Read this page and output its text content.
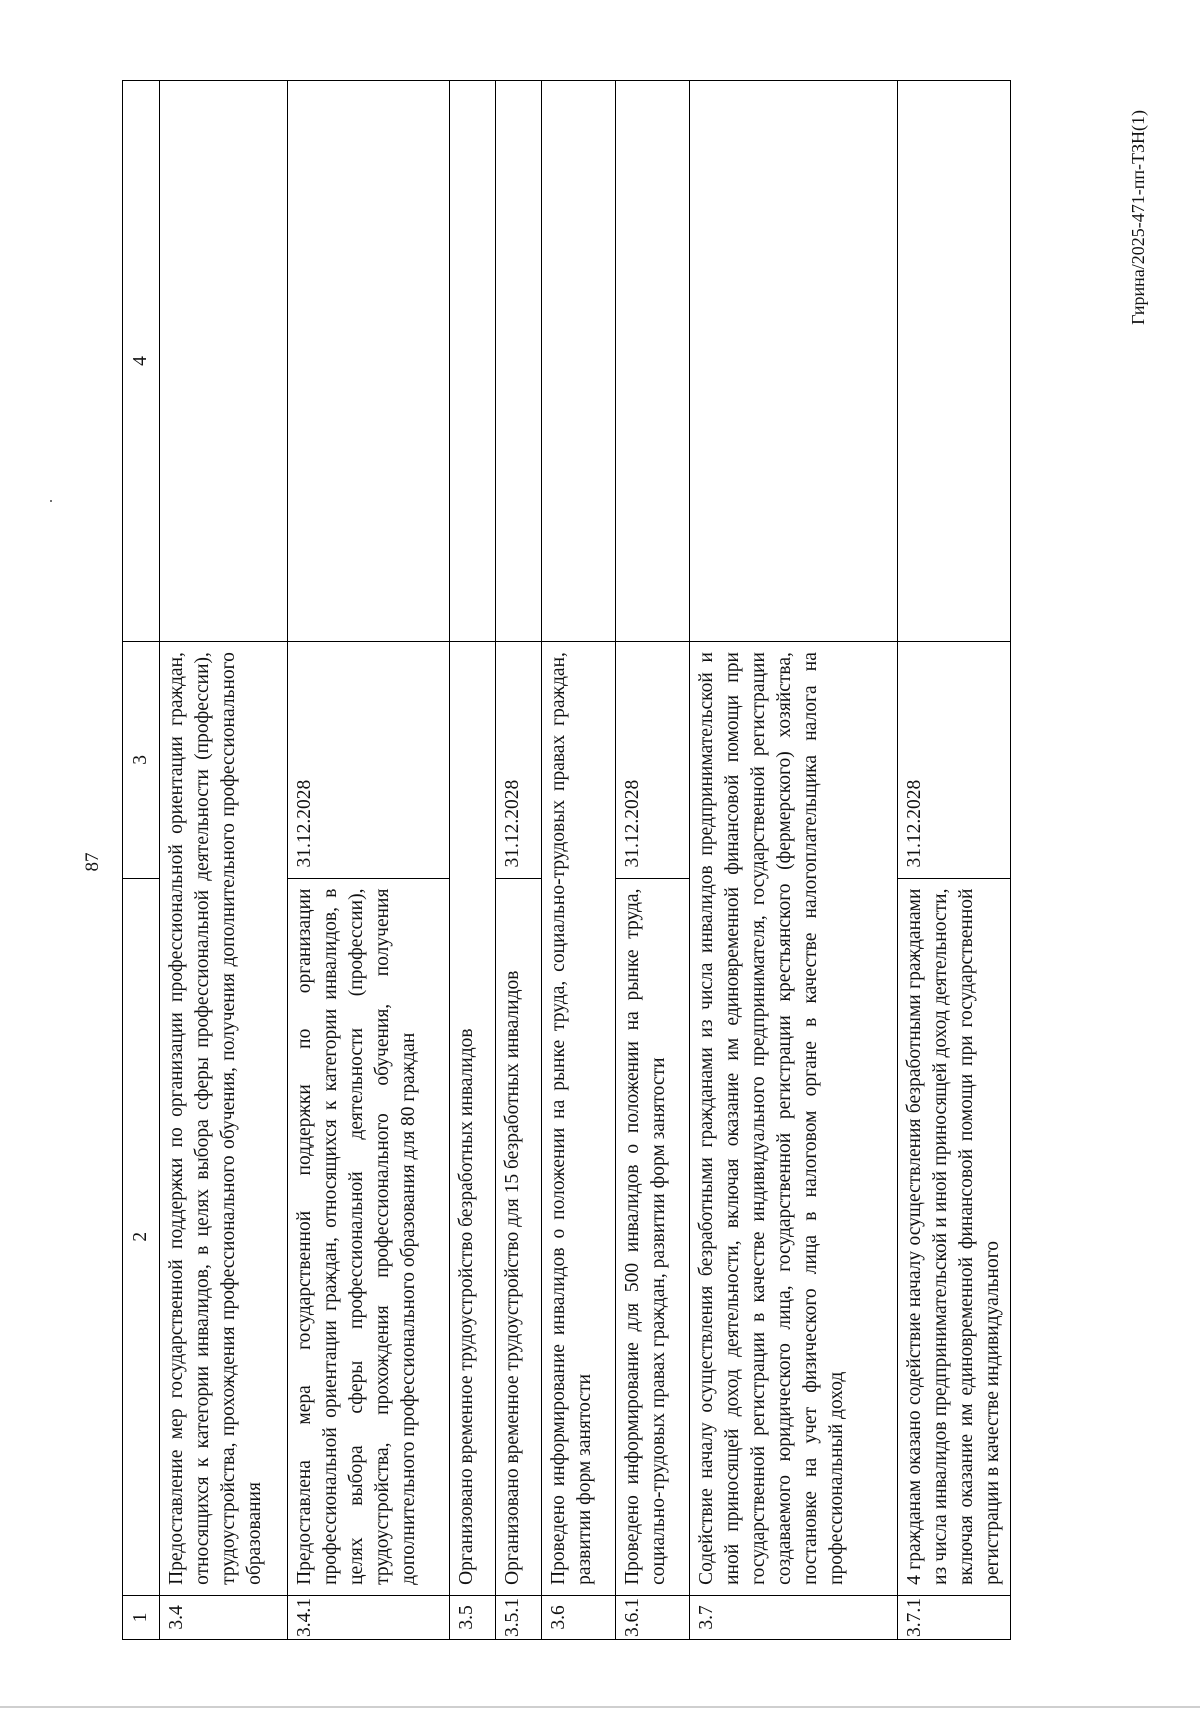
87
1	2	3	4
3.4	Предоставление мер государственной поддержки по организации профессиональной ориентации граждан, относящихся к категории инвалидов, в целях выбора сферы профессиональной деятельности (профессии), трудоустройства, прохождения профессионального обучения, получения дополнительного профессионального образования		
3.4.1	Предоставлена мера государственной поддержки по организации профессиональной ориентации граждан, относящихся к категории инвалидов, в целях выбора сферы профессиональной деятельности (профессии), трудоустройства, прохождения профессионального обучения, получения дополнительного профессионального образования для 80 граждан	31.12.2028	
3.5	Организовано временное трудоустройство безработных инвалидов		
3.5.1	Организовано временное трудоустройство для 15 безработных инвалидов	31.12.2028	
3.6	Проведено информирование инвалидов о положении на рынке труда, социально-трудовых правах граждан, развитии форм занятости		
3.6.1	Проведено информирование для 500 инвалидов о положении на рынке труда, социально-трудовых правах граждан, развитии форм занятости	31.12.2028	
3.7	Содействие началу осуществления безработными гражданами из числа инвалидов предпринимательской и иной приносящей доход деятельности, включая оказание им единовременной финансовой помощи при государственной регистрации в качестве индивидуального предпринимателя, государственной регистрации создаваемого юридического лица, государственной регистрации крестьянского (фермерского) хозяйства, постановке на учет физического лица в налоговом органе в качестве налогоплательщика налога на профессиональный доход		
3.7.1	4 гражданам оказано содействие началу осуществления безработными гражданами из числа инвалидов предпринимательской и иной приносящей доход деятельности, включая оказание им единовременной финансовой помощи при государственной регистрации в качестве индивидуального	31.12.2028	
Гирина/2025-471-пп-ТЗН(1)
